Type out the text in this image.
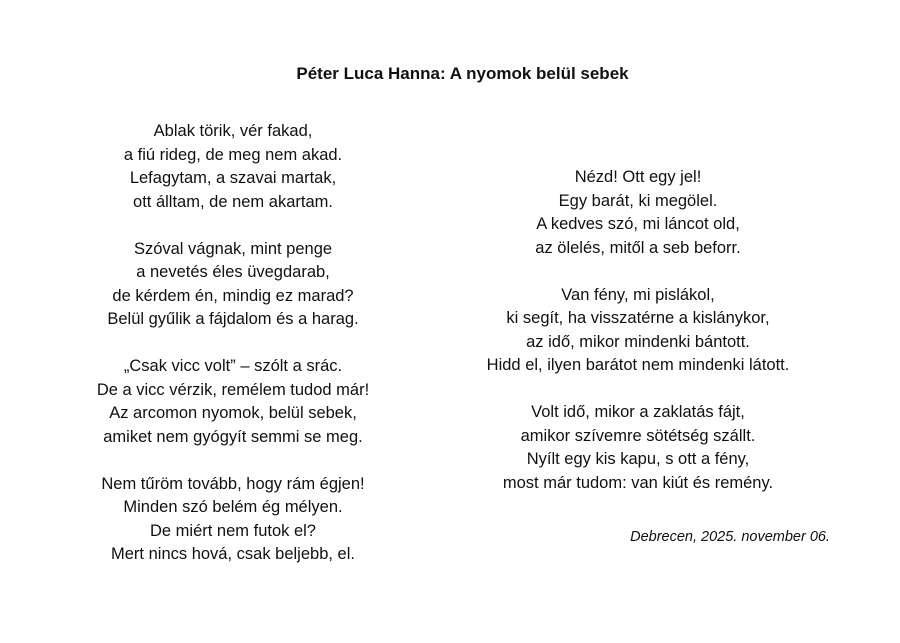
Péter Luca Hanna: A nyomok belül sebek
Ablak törik, vér fakad,
a fiú rideg, de meg nem akad.
Lefagytam, a szavai martak,
ott álltam, de nem akartam.
Szóval vágnak, mint penge
a nevetés éles üvegdarab,
de kérdem én, mindig ez marad?
Belül gyűlik a fájdalom és a harag.
„Csak vicc volt” – szólt a srác.
De a vicc vérzik, remélem tudod már!
Az arcomon nyomok, belül sebek,
amiket nem gyógyít semmi se meg.
Nem tűröm tovább, hogy rám égjen!
Minden szó belém ég mélyen.
De miért nem futok el?
Mert nincs hová, csak beljebb, el.
Nézd! Ott egy jel!
Egy barát, ki megölel.
A kedves szó, mi láncot old,
az ölelés, mitől a seb beforr.
Van fény, mi pislákol,
ki segít, ha visszatérne a kislánykor,
az idő, mikor mindenki bántott.
Hidd el, ilyen barátot nem mindenki látott.
Volt idő, mikor a zaklatás fájt,
amikor szívemre sötétség szállt.
Nyílt egy kis kapu, s ott a fény,
most már tudom: van kiút és remény.
Debrecen, 2025. november 06.
